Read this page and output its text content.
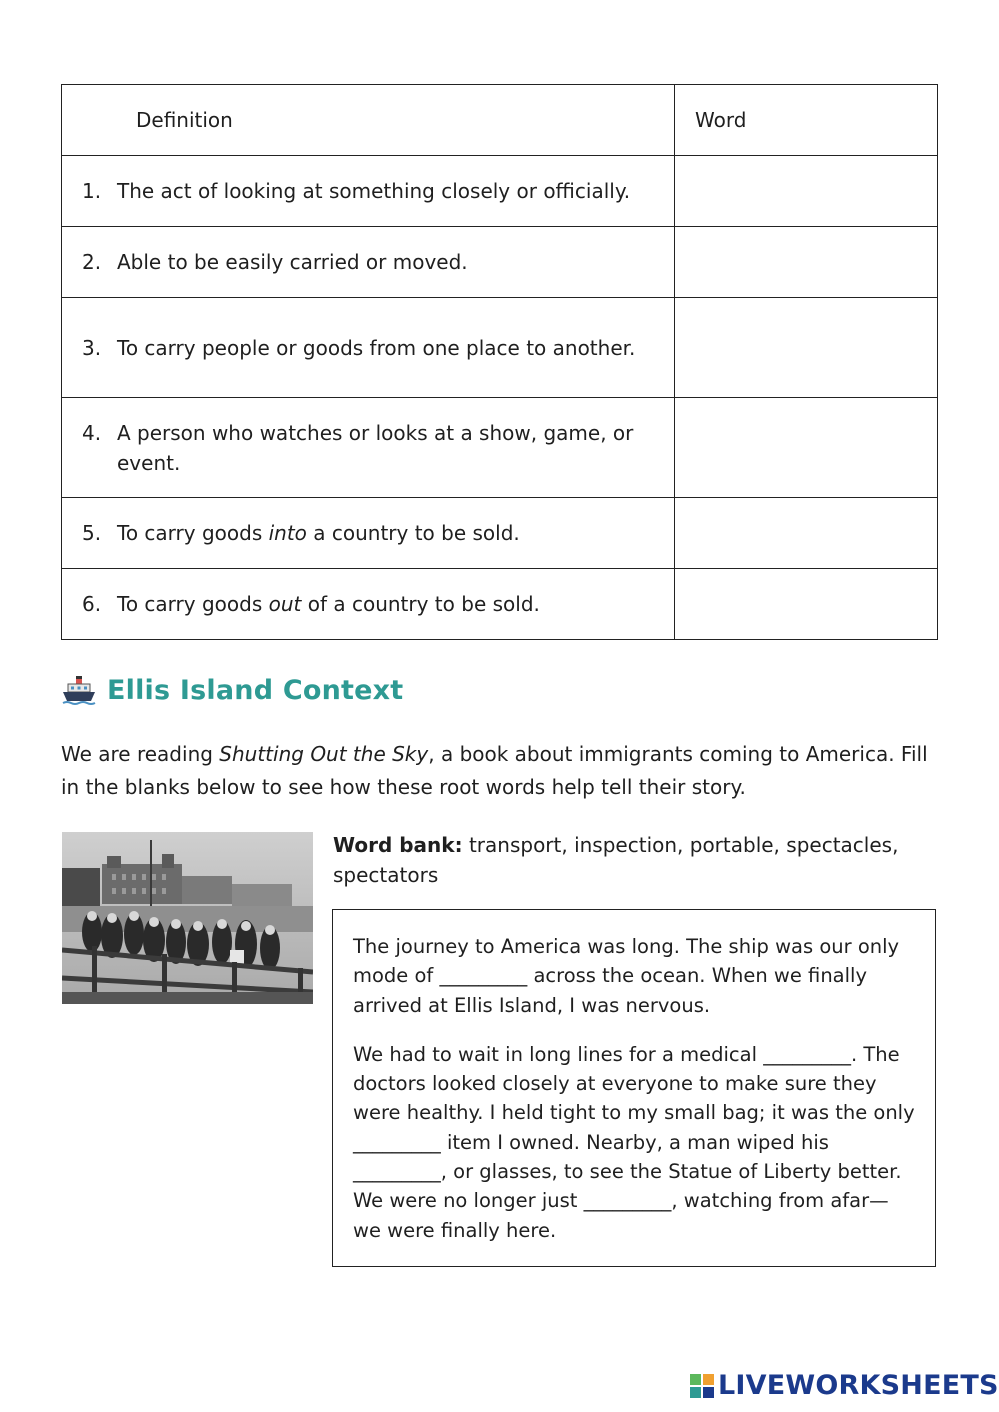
Definition	Word

1. The act of looking at something closely or officially.	

2. Able to be easily carried or moved.	

3. To carry people or goods from one place to another.	

4. A person who watches or looks at a show, game, or event.	

5. To carry goods into a country to be sold.	

6. To carry goods out of a country to be sold.	

Ellis Island Context
We are reading Shutting Out the Sky, a book about immigrants coming to America. Fill in the blanks below to see how these root words help tell their story.
Word bank: transport, inspection, portable, spectacles, spectators

The journey to America was long. The ship was our only mode of _________ across the ocean. When we finally arrived at Ellis Island, I was nervous.

We had to wait in long lines for a medical _________. The doctors looked closely at everyone to make sure they were healthy. I held tight to my small bag; it was the only _________ item I owned. Nearby, a man wiped his _________, or glasses, to see the Statue of Liberty better. We were no longer just _________, watching from afar—we were finally here.

LIVEWORKSHEETS
